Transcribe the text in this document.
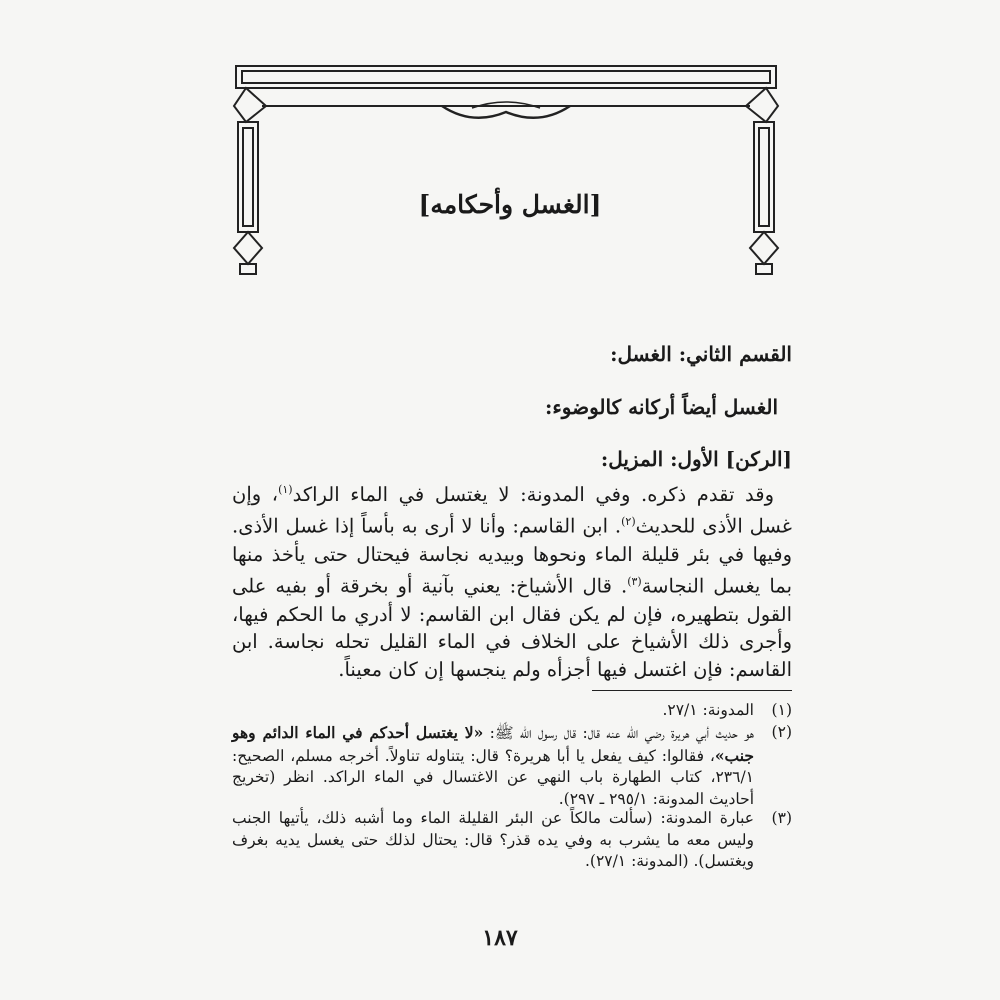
[الغسل وأحكامه]
القسم الثاني: الغسل:
الغسل أيضاً أركانه كالوضوء:
[الركن] الأول: المزيل:

وقد تقدم ذكره. وفي المدونة: لا يغتسل في الماء الراكد$^{(١)}$، وإن غسل الأذى للحديث$^{(٢)}$. ابن القاسم: وأنا لا أرى به بأساً إذا غسل الأذى. وفيها في بئر قليلة الماء ونحوها وبيديه نجاسة فيحتال حتى يأخذ منها بما يغسل النجاسة$^{(٣)}$. قال الأشياخ: يعني بآنية أو بخرقة أو بفيه على القول بتطهيره، فإن لم يكن فقال ابن القاسم: لا أدري ما الحكم فيها، وأجرى ذلك الأشياخ على الخلاف في الماء القليل تحله نجاسة. ابن القاسم: فإن اغتسل فيها أجزأه ولم ينجسها إن كان معيناً.

(١)
المدونة: ٢٧/١.
(٢)
هو حديث أبي هريرة رضي الله عنه قال: قال رسول الله ﷺ: «لا يغتسل أحدكم في الماء الدائم وهو جنب»، فقالوا: كيف يفعل يا أبا هريرة؟ قال: يتناوله تناولاً. أخرجه مسلم، الصحيح: ٢٣٦/١، كتاب الطهارة باب النهي عن الاغتسال في الماء الراكد. انظر (تخريج أحاديث المدونة: ٢٩٥/١ ـ ٢٩٧).
(٣)
عبارة المدونة: (سألت مالكاً عن البئر القليلة الماء وما أشبه ذلك، يأتيها الجنب وليس معه ما يشرب به وفي يده قذر؟ قال: يحتال لذلك حتى يغسل يديه بغرف ويغتسل). (المدونة: ٢٧/١).
١٨٧
